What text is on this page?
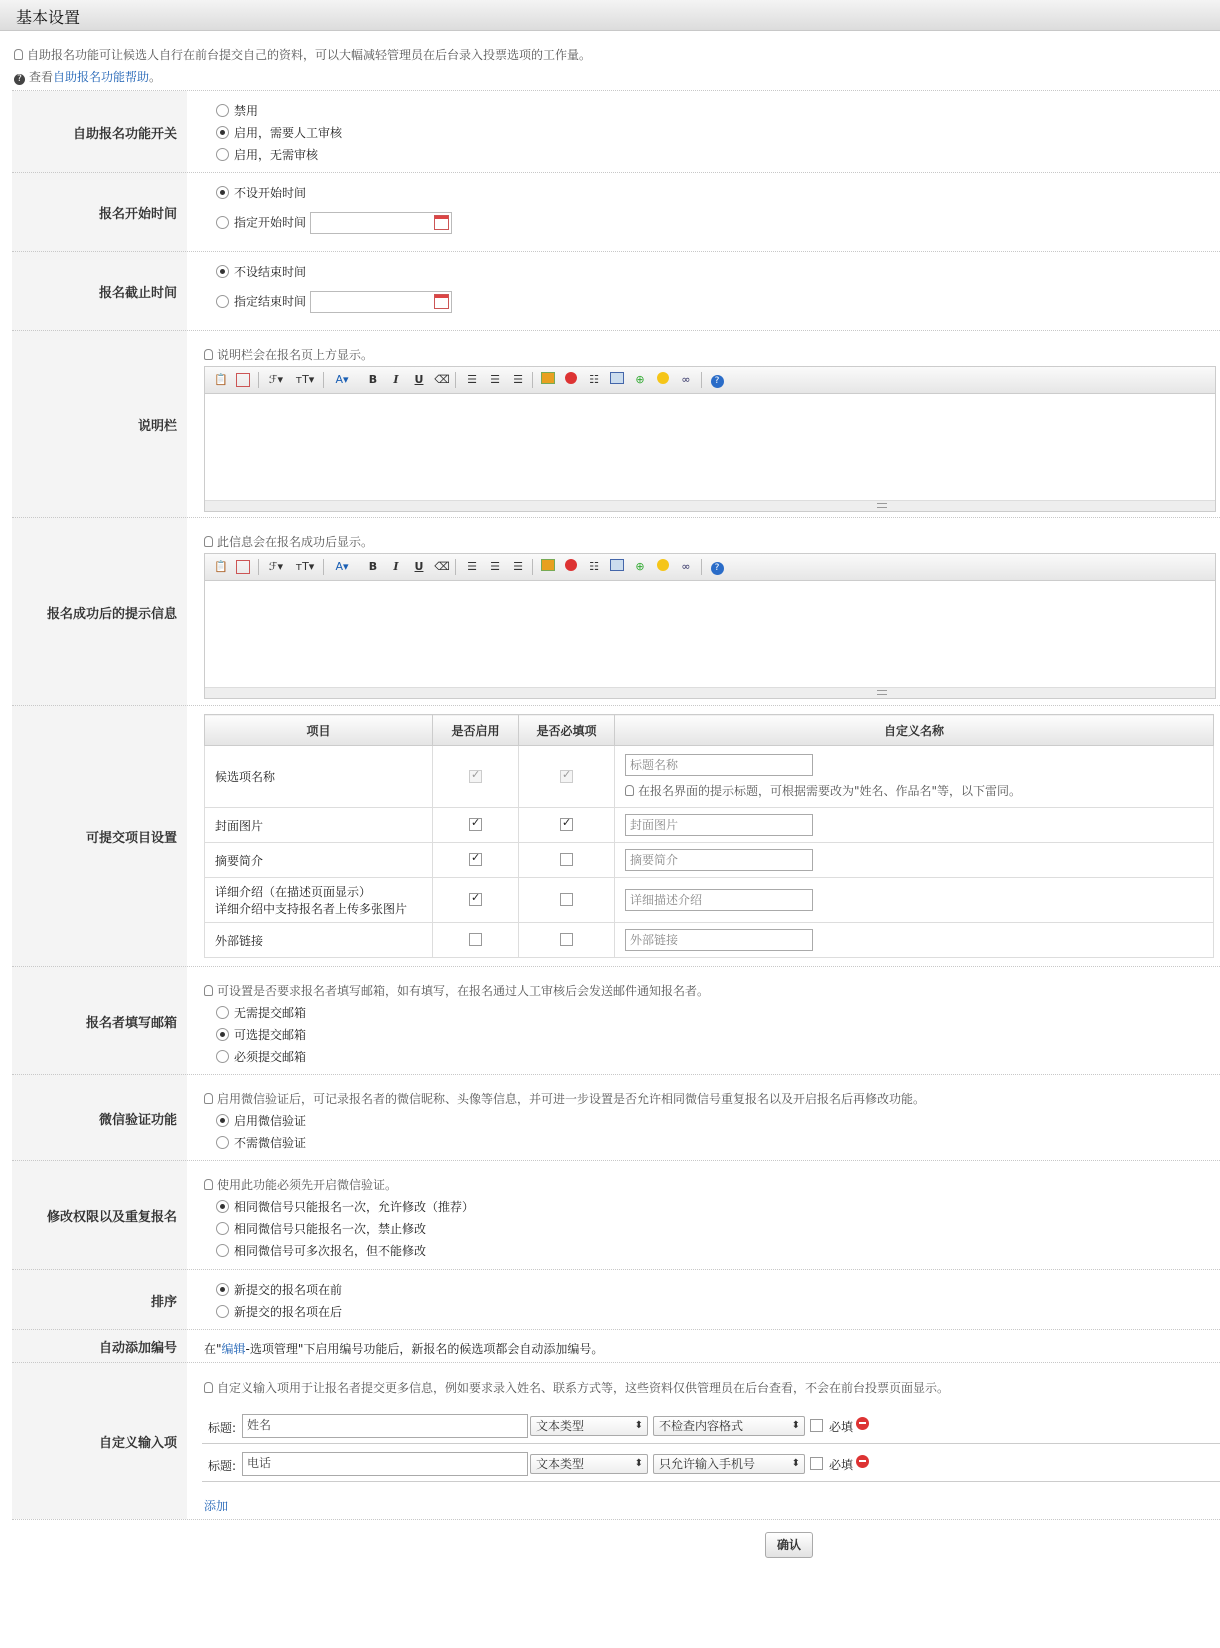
基本设置
自助报名功能可让候选人自行在前台提交自己的资料，可以大幅减轻管理员在后台录入投票选项的工作量。
? 查看自助报名功能帮助。
自助报名功能开关
禁用
启用，需要人工审核
启用，无需审核
报名开始时间
不设开始时间
指定开始时间
报名截止时间
不设结束时间
指定结束时间
说明栏
说明栏会在报名页上方显示。
📋	ℱ▾	ᴛT▾	A▾	B	I	U ⌫ ☰ ☰ ☰	☷	⊕	∞	?
报名成功后的提示信息
此信息会在报名成功后显示。
📋	ℱ▾	ᴛT▾	A▾	B	I	U ⌫ ☰ ☰ ☰	☷	⊕	∞	?
可提交项目设置
项目	是否启用	是否必填项	自定义名称
候选项名称	✓	✓	标题名称
在报名界面的提示标题，可根据需要改为"姓名、作品名"等，以下雷同。

封面图片	✓	✓	封面图片
摘要简介	✓		摘要简介

详细介绍（在描述页面显示）
详细介绍中支持报名者上传多张图片
	✓		详细描述介绍
外部链接			外部链接
报名者填写邮箱
可设置是否要求报名者填写邮箱，如有填写，在报名通过人工审核后会发送邮件通知报名者。
无需提交邮箱
可选提交邮箱
必须提交邮箱
微信验证功能
启用微信验证后，可记录报名者的微信昵称、头像等信息，并可进一步设置是否允许相同微信号重复报名以及开启报名后再修改功能。
启用微信验证
不需微信验证
修改权限以及重复报名
使用此功能必须先开启微信验证。
相同微信号只能报名一次，允许修改（推荐）
相同微信号只能报名一次，禁止修改
相同微信号可多次报名，但不能修改
排序
新提交的报名项在前
新提交的报名项在后
自动添加编号	在"编辑-选项管理"下启用编号功能后，新报名的候选项都会自动添加编号。
自定义输入项
自定义输入项用于让报名者提交更多信息，例如要求录入姓名、联系方式等，这些资料仅供管理员在后台查看，不会在前台投票页面显示。
标题: 姓名	文本类型 ⬍	不检查内容格式 ⬍	必填
标题: 电话	文本类型 ⬍	只允许输入手机号 ⬍	必填
添加
确认
